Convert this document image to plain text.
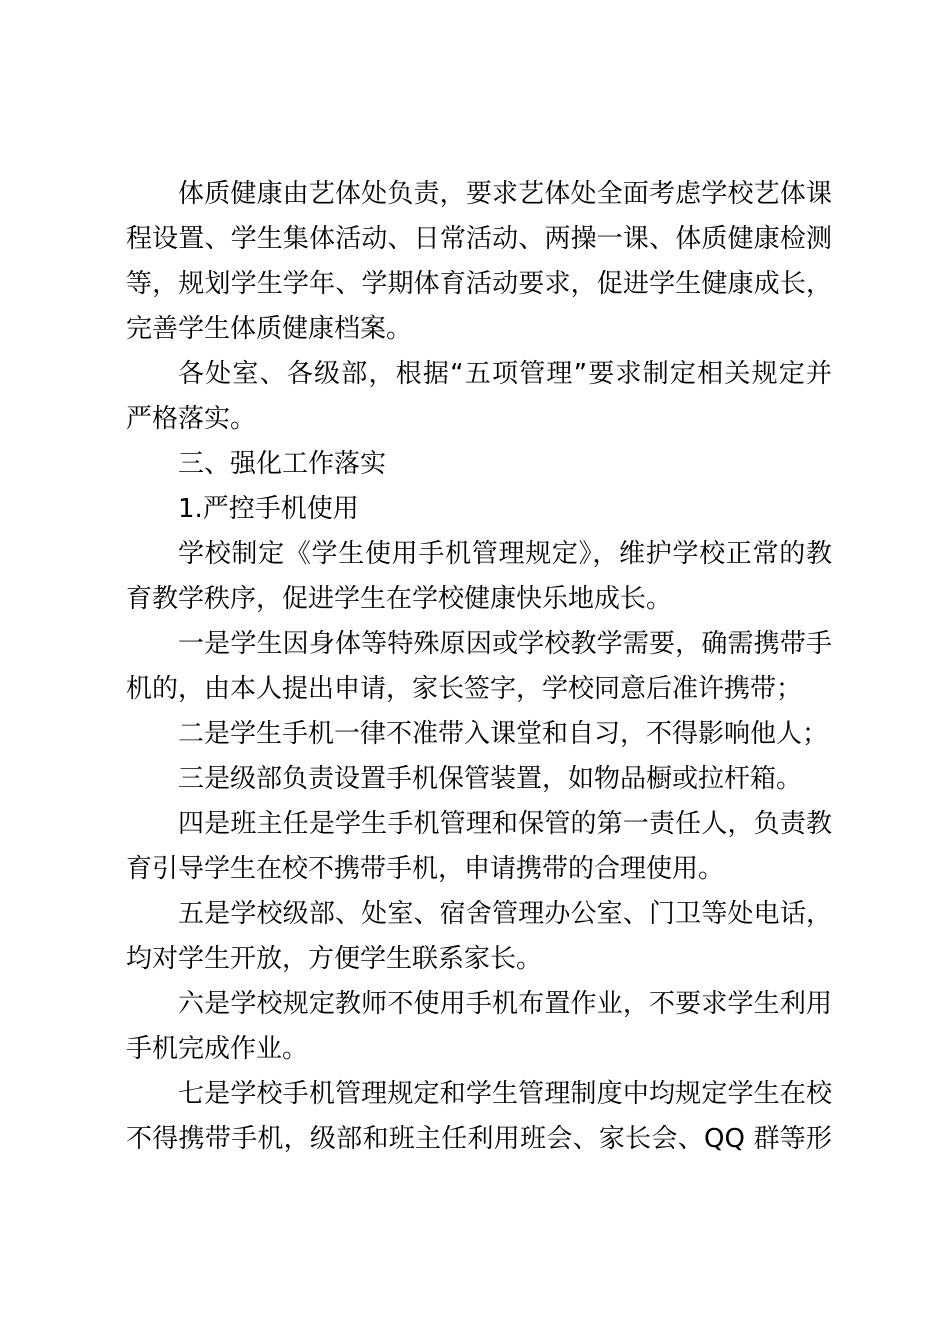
体质健康由艺体处负责，要求艺体处全面考虑学校艺体课
程设置、学生集体活动、日常活动、两操一课、体质健康检测
等，规划学生学年、学期体育活动要求，促进学生健康成长，
完善学生体质健康档案。
各处室、各级部，根据“五项管理”要求制定相关规定并
严格落实。
三、强化工作落实
1.严控手机使用
学校制定《学生使用手机管理规定》，维护学校正常的教
育教学秩序，促进学生在学校健康快乐地成长。
一是学生因身体等特殊原因或学校教学需要，确需携带手
机的，由本人提出申请，家长签字，学校同意后准许携带；
二是学生手机一律不准带入课堂和自习，不得影响他人；
三是级部负责设置手机保管装置，如物品橱或拉杆箱。
四是班主任是学生手机管理和保管的第一责任人，负责教
育引导学生在校不携带手机，申请携带的合理使用。
五是学校级部、处室、宿舍管理办公室、门卫等处电话，
均对学生开放，方便学生联系家长。
六是学校规定教师不使用手机布置作业，不要求学生利用
手机完成作业。
七是学校手机管理规定和学生管理制度中均规定学生在校
不得携带手机，级部和班主任利用班会、家长会、QQ 群等形
